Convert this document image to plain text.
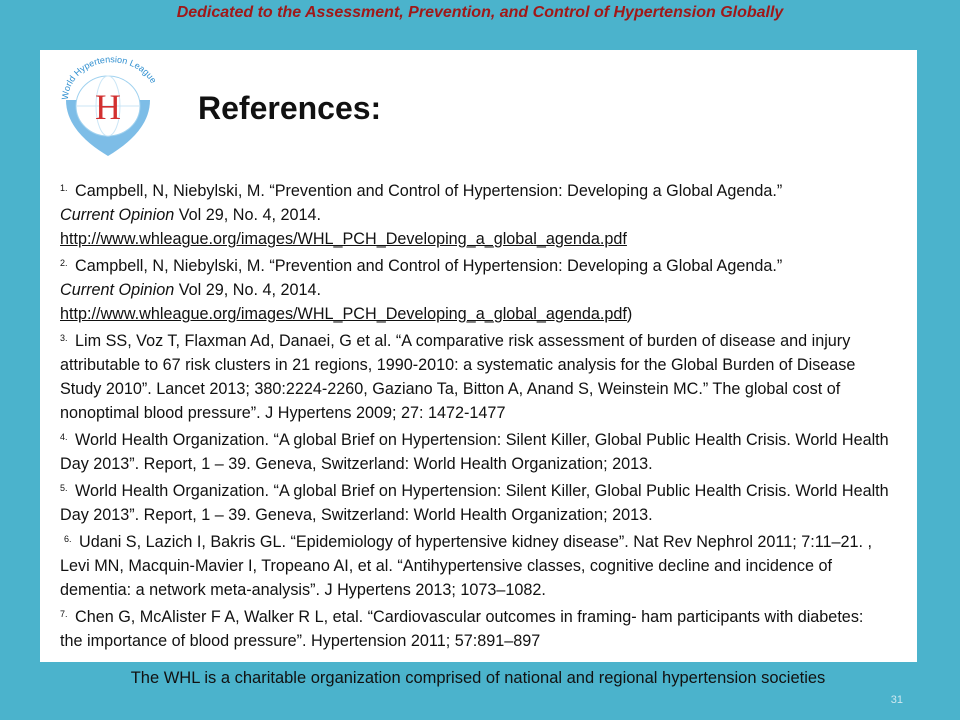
Dedicated to the Assessment, Prevention, and Control of Hypertension Globally
World Hypertension League
H References:

$^{1.}$ Campbell, N, Niebylski, M. “Prevention and Control of Hypertension: Developing a Global Agenda.”
Current Opinion Vol 29, No. 4, 2014.
http://www.whleague.org/images/WHL_PCH_Developing_a_global_agenda.pdf

$^{2.}$ Campbell, N, Niebylski, M. “Prevention and Control of Hypertension: Developing a Global Agenda.”
Current Opinion Vol 29, No. 4, 2014.
http://www.whleague.org/images/WHL_PCH_Developing_a_global_agenda.pdf)

$^{3.}$ Lim SS, Voz T, Flaxman Ad, Danaei, G et al. “A comparative risk assessment of burden of disease and injury attributable to 67 risk clusters in 21 regions, 1990-2010: a systematic analysis for the Global Burden of Disease Study 2010”. Lancet 2013; 380:2224-2260, Gaziano Ta, Bitton A, Anand S, Weinstein MC.” The global cost of nonoptimal blood pressure”. J Hypertens 2009; 27: 1472-1477

$^{4.}$ World Health Organization. “A global Brief on Hypertension: Silent Killer, Global Public Health Crisis. World Health Day 2013”. Report, 1 – 39. Geneva, Switzerland: World Health Organization; 2013.

$^{5.}$ World Health Organization. “A global Brief on Hypertension: Silent Killer, Global Public Health Crisis. World Health Day 2013”. Report, 1 – 39. Geneva, Switzerland: World Health Organization; 2013.

$^{6.}$ Udani S, Lazich I, Bakris GL. “Epidemiology of hypertensive kidney disease”. Nat Rev Nephrol 2011; 7:11–21. , Levi MN, Macquin-Mavier I, Tropeano AI, et al. “Antihypertensive classes, cognitive decline and incidence of dementia: a network meta-analysis”. J Hypertens 2013; 1073–1082.

$^{7.}$ Chen G, McAlister F A, Walker R L, etal. “Cardiovascular outcomes in framing- ham participants with diabetes: the importance of blood pressure”. Hypertension 2011; 57:891–897

The WHL is a charitable organization comprised of national and regional hypertension societies
31
